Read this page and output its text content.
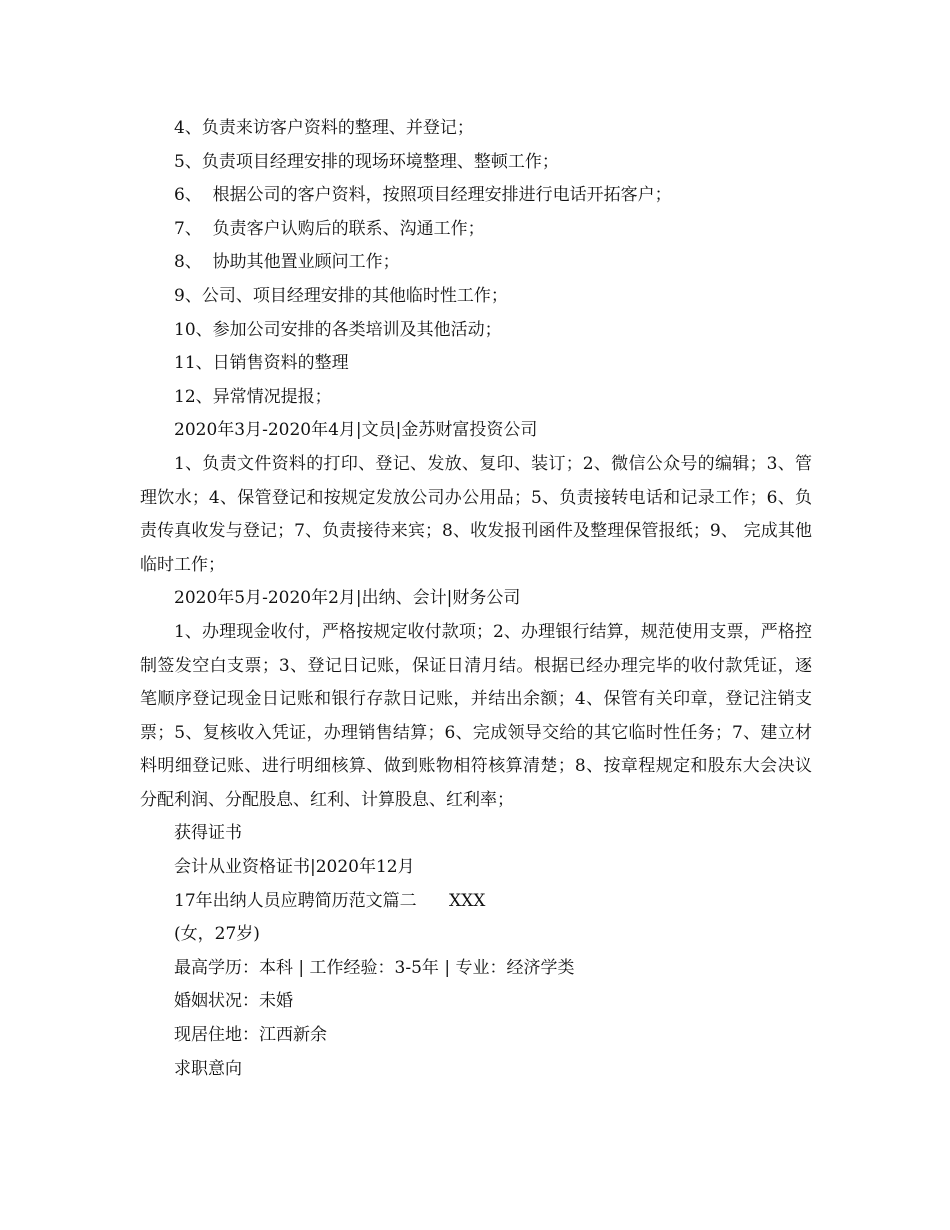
4、负责来访客户资料的整理、并登记；

5、负责项目经理安排的现场环境整理、整顿工作；

6、  根据公司的客户资料，按照项目经理安排进行电话开拓客户；

7、  负责客户认购后的联系、沟通工作；

8、  协助其他置业顾问工作；

9、公司、项目经理安排的其他临时性工作；

10、参加公司安排的各类培训及其他活动；

11、日销售资料的整理

12、异常情况提报；

2020年3月-2020年4月|文员|金苏财富投资公司

1、负责文件资料的打印、登记、发放、复印、装订；2、微信公众号的编辑；3、管理饮水；4、保管登记和按规定发放公司办公用品；5、负责接转电话和记录工作；6、负责传真收发与登记；7、负责接待来宾；8、收发报刊函件及整理保管报纸；9、 完成其他临时工作；

2020年5月-2020年2月|出纳、会计|财务公司

1、办理现金收付，严格按规定收付款项；2、办理银行结算，规范使用支票，严格控制签发空白支票；3、登记日记账，保证日清月结。根据已经办理完毕的收付款凭证，逐笔顺序登记现金日记账和银行存款日记账，并结出余额；4、保管有关印章，登记注销支票；5、复核收入凭证，办理销售结算；6、完成领导交给的其它临时性任务；7、建立材料明细登记账、进行明细核算、做到账物相符核算清楚；8、按章程规定和股东大会决议分配利润、分配股息、红利、计算股息、红利率；

获得证书

会计从业资格证书|2020年12月

17年出纳人员应聘简历范文篇二      XXX

(女，27岁)

最高学历：本科 | 工作经验：3-5年 | 专业：经济学类

婚姻状况：未婚

现居住地：江西新余

求职意向
